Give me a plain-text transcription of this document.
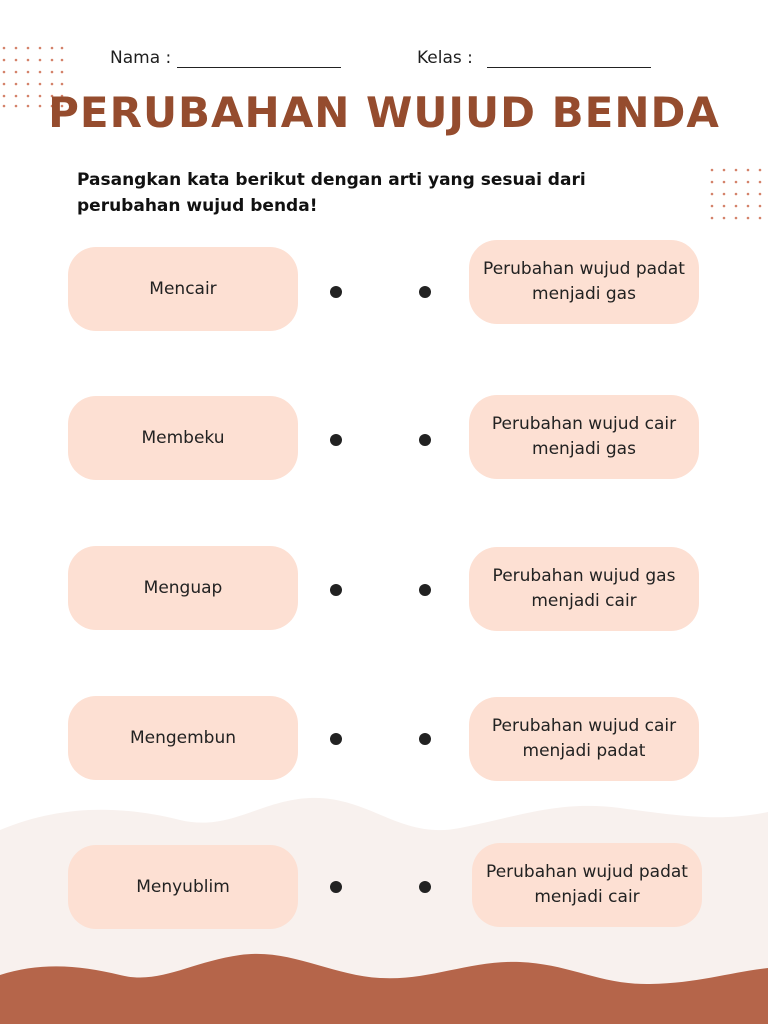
Nama :	Kelas :
PERUBAHAN WUJUD BENDA
Pasangkan kata berikut dengan arti yang sesuai dari perubahan wujud benda!
Mencair
Perubahan wujud padat menjadi gas
Membeku
Perubahan wujud cair menjadi gas
Menguap
Perubahan wujud gas menjadi cair
Mengembun
Perubahan wujud cair menjadi padat
Menyublim
Perubahan wujud padat menjadi cair
